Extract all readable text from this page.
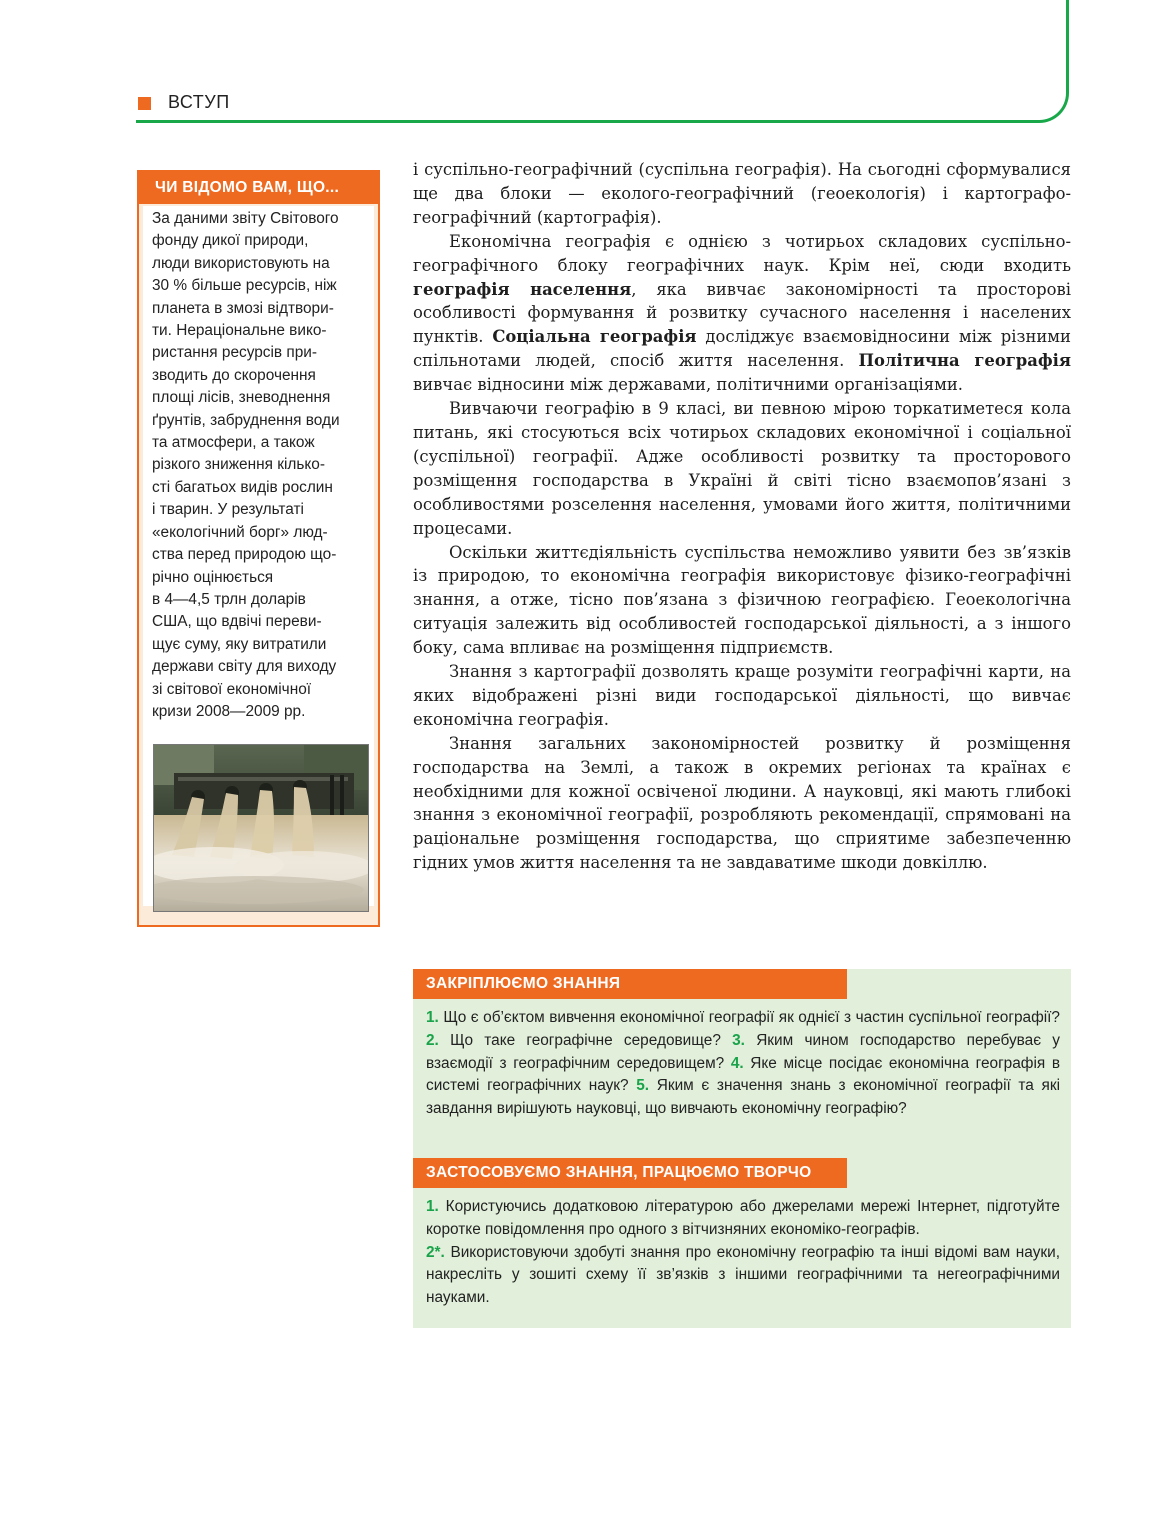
ВСТУП
ЧИ ВІДОМО ВАМ, ЩО...
За даними звіту Світового
фонду дикої природи,
люди використовують на
30 % більше ресурсів, ніж
планета в змозі відтвори-
ти. Нераціональне вико-
ристання ресурсів при-
зводить до скорочення
площі лісів, зневоднення
ґрунтів, забруднення води
та атмосфери, а також
різкого зниження кілько-
сті багатьох видів рослин
і тварин. У результаті
«екологічний борг» люд-
ства перед природою що-
річно оцінюється
в 4—4,5 трлн доларів
США, що вдвічі переви-
щує суму, яку витратили
держави світу для виходу
зі світової економічної
кризи 2008—2009 рр.

і суспільно-географічний (суспільна географія). На сьогодні сформувалися ще два блоки — еколого-географічний (геоекологія) і картографо-географічний (картографія).

Економічна географія є однією з чотирьох складових суспільно-географічного блоку географічних наук. Крім неї, сюди входить географія населення, яка вивчає закономірності та просторові особливості формування й розвитку сучасного населення і населених пунктів. Соціальна географія досліджує взаємовідносини між різними спільнотами людей, спосіб життя населення. Політична географія вивчає відносини між державами, політичними організаціями.

Вивчаючи географію в 9 класі, ви певною мірою торкатиметеся кола питань, які стосуються всіх чотирьох складових економічної і соціальної (суспільної) географії. Адже особливості розвитку та просторового розміщення господарства в Україні й світі тісно взаємопов’язані з особливостями розселення населення, умовами його життя, політичними процесами.

Оскільки життєдіяльність суспільства неможливо уявити без зв’язків із природою, то економічна географія використовує фізико-географічні знання, а отже, тісно пов’язана з фізичною географією. Геоекологічна ситуація залежить від особливостей господарської діяльності, а з іншого боку, сама впливає на розміщення підприємств.

Знання з картографії дозволять краще розуміти географічні карти, на яких відображені різні види господарської діяльності, що вивчає економічна географія.

Знання загальних закономірностей розвитку й розміщення господарства на Землі, а також в окремих регіонах та країнах є необхідними для кожної освіченої людини. А науковці, які мають глибокі знання з економічної географії, розробляють рекомендації, спрямовані на раціональне розміщення господарства, що сприятиме забезпеченню гідних умов життя населення та не завдаватиме шкоди довкіллю.

ЗАКРІПЛЮЄМО ЗНАННЯ
1. Що є об’єктом вивчення економічної географії як однієї з частин суспільної географії? 2. Що таке географічне середовище? 3. Яким чином господарство перебуває у взаємодії з географічним середовищем? 4. Яке місце посідає економічна географія в системі географічних наук? 5. Яким є значення знань з економічної географії та які завдання вирішують науковці, що вивчають економічну географію?
ЗАСТОСОВУЄМО ЗНАННЯ, ПРАЦЮЄМО ТВОРЧО
1. Користуючись додатковою літературою або джерелами мережі Інтернет, підготуйте коротке повідомлення про одного з вітчизняних економіко-географів.
2*. Використовуючи здобуті знання про економічну географію та інші відомі вам науки, накресліть у зошиті схему її зв’язків з іншими географічними та негеографічними науками.
